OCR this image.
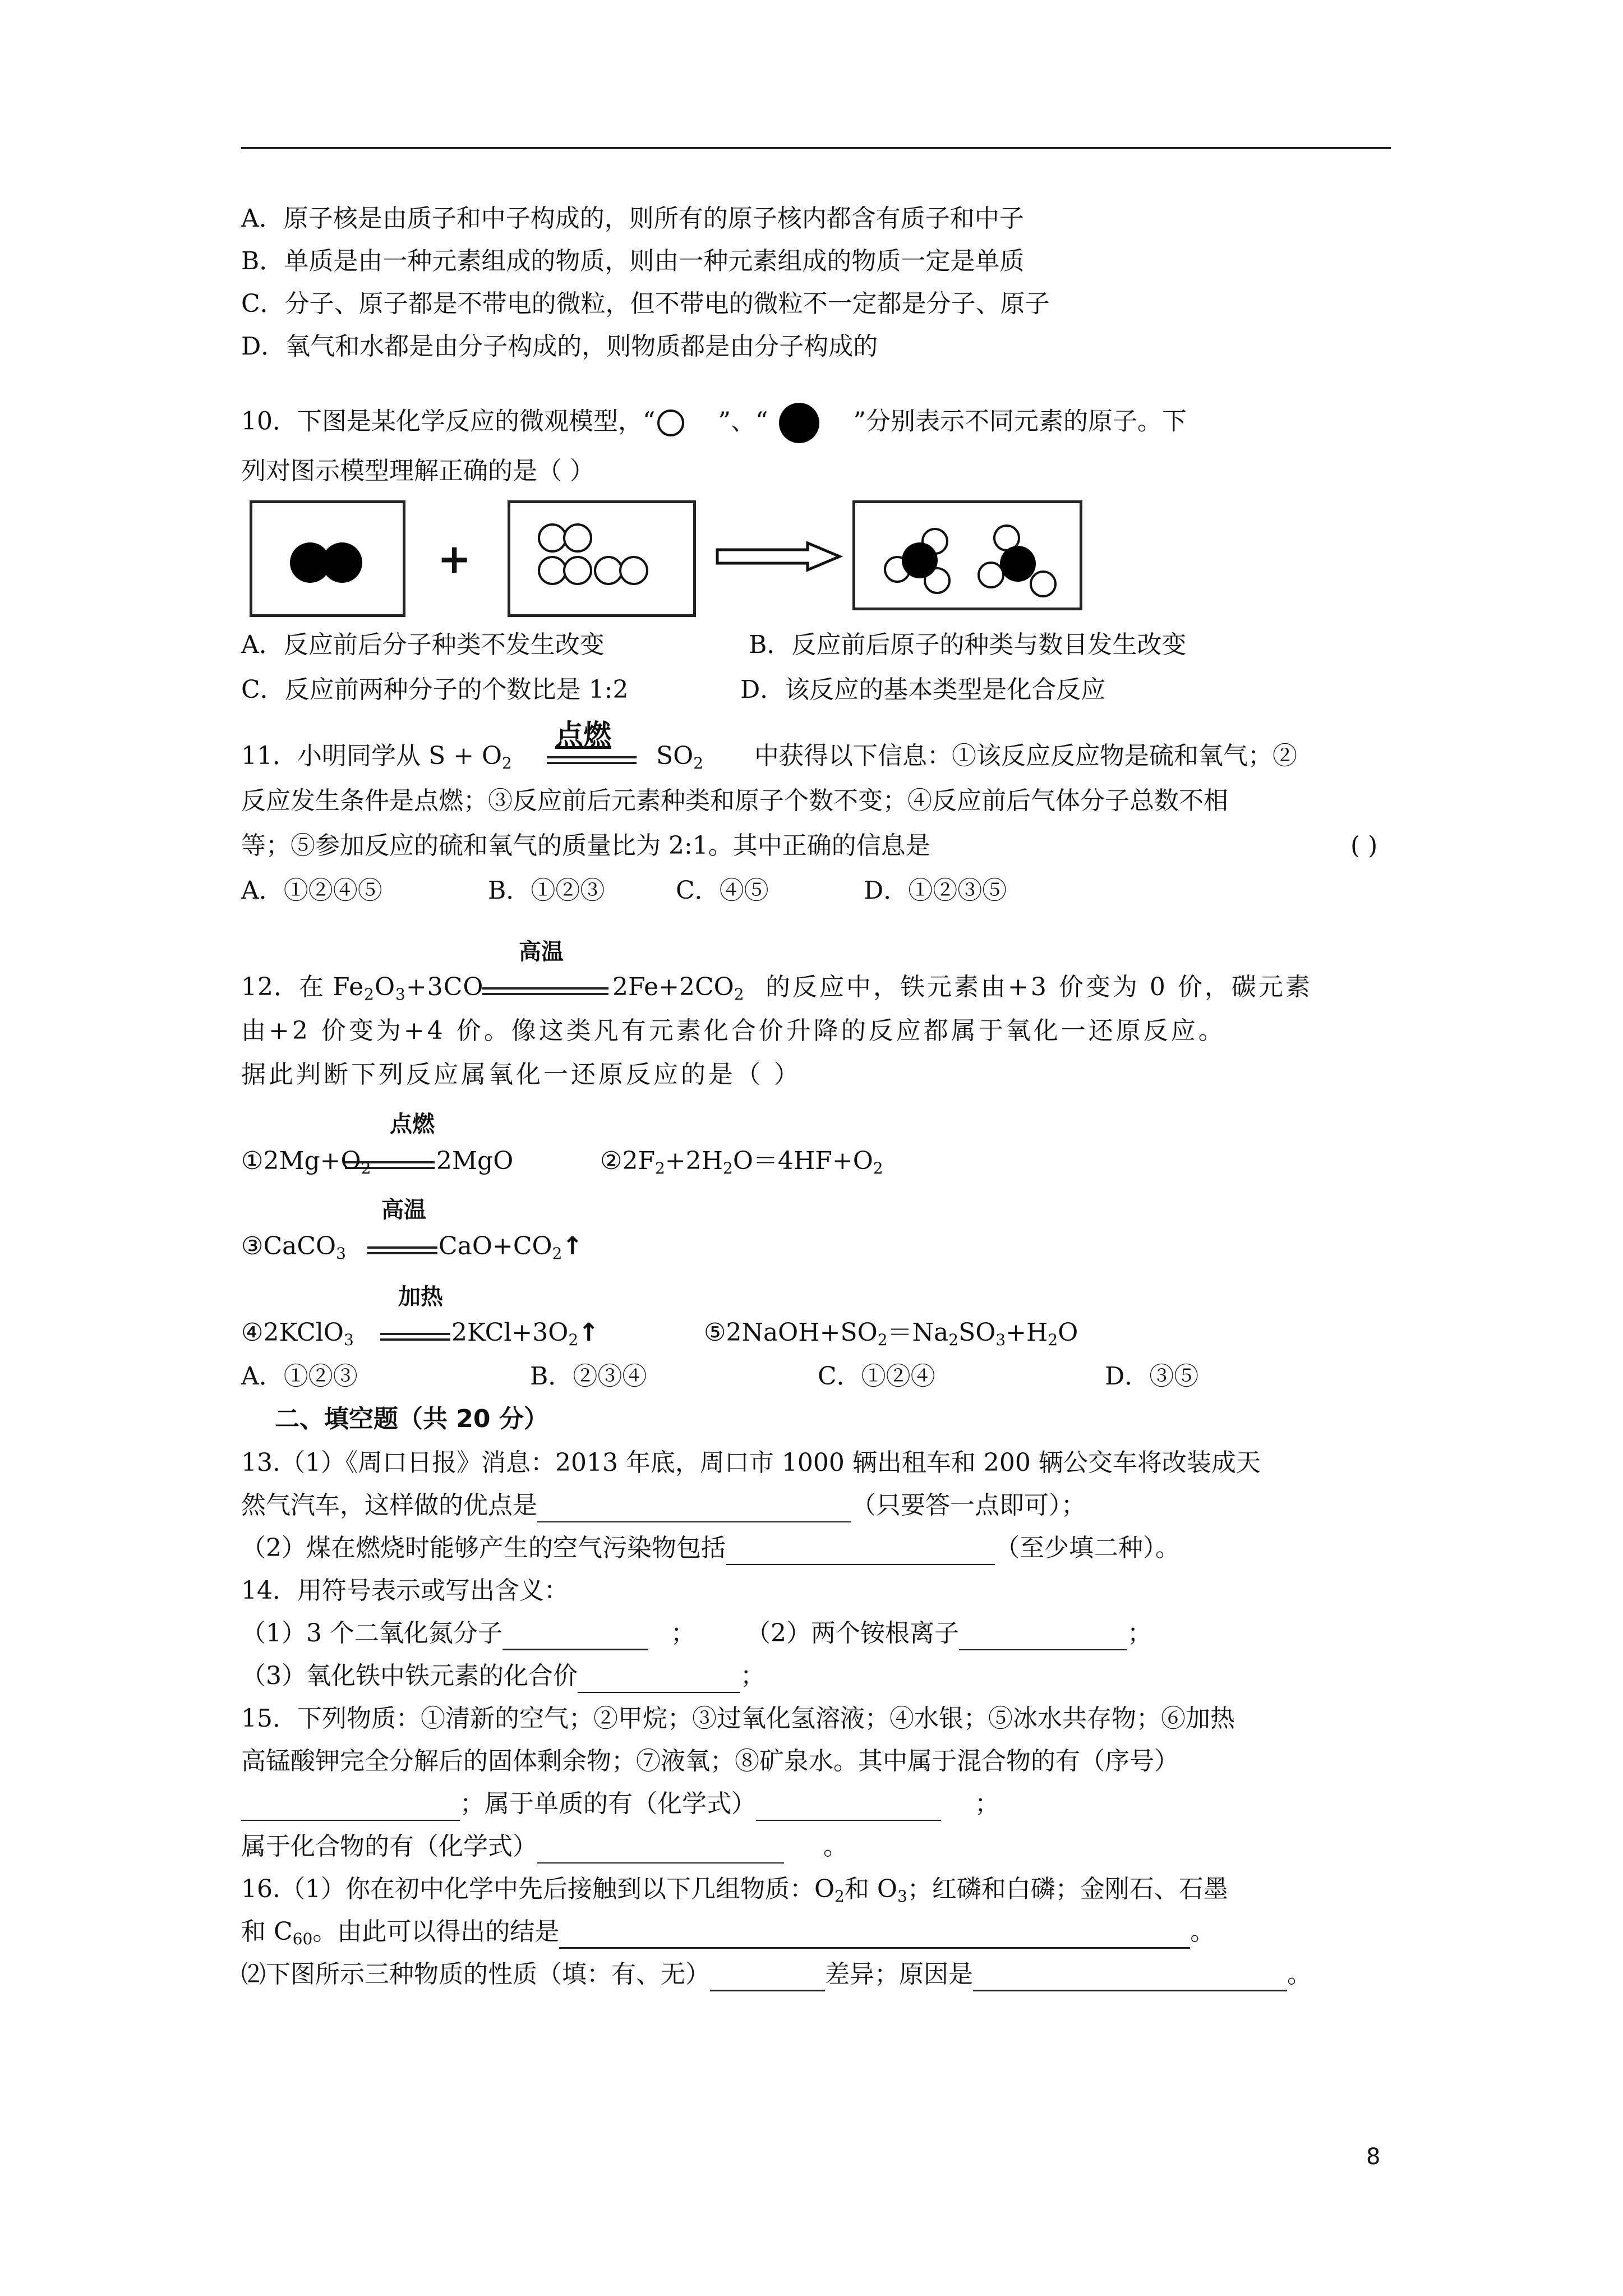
A．原子核是由质子和中子构成的，则所有的原子核内都含有质子和中子
B．单质是由一种元素组成的物质，则由一种元素组成的物质一定是单质
C．分子、原子都是不带电的微粒，但不带电的微粒不一定都是分子、原子
D．氧气和水都是由分子构成的，则物质都是由分子构成的
10．下图是某化学反应的微观模型，“	”、“	”分别表示不同元素的原子。下
列对图示模型理解正确的是（ ）
+
A．反应前后分子种类不发生改变	B．反应前后原子的种类与数目发生改变
C．反应前两种分子的个数比是 1:2	D．该反应的基本类型是化合反应
点燃
11．小明同学从 $S + O_2$	$SO_2$ 中获得以下信息：①该反应反应物是硫和氧气；②
反应发生条件是点燃；③反应前后元素种类和原子个数不变；④反应前后气体分子总数不相
等；⑤参加反应的硫和氧气的质量比为 2:1。其中正确的信息是	( )
A．①②④⑤	B．①②③	C．④⑤	D．①②③⑤
高温
12．在 $Fe_2O_3+3CO$	$2Fe+2CO_2$ 的反应中，铁元素由+3 价变为 0 价，碳元素
由+2 价变为+4 价。像这类凡有元素化合价升降的反应都属于氧化一还原反应。
据此判断下列反应属氧化一还原反应的是（ ）
点燃
$①2Mg+O_2$	2MgO	$②2F_2+2H_2O=4HF+O_2$
高温
③CaCO$_3$	$CaO+CO_2↑$
加热
④2KClO$_3$	$2KCl+3O_2↑$	$⑤2NaOH+SO_2=Na_2SO_3+H_2O$
A．①②③	B．②③④	C．①②④	D．③⑤
二、填空题（共 20 分）
13.（1）《周口日报》消息：2013 年底，周口市 1000 辆出租车和 200 辆公交车将改装成天
然气汽车，这样做的优点是	（只要答一点即可）；
（2）煤在燃烧时能够产生的空气污染物包括	（至少填二种）。
14．用符号表示或写出含义：
（1）3 个二氧化氮分子	； （2）两个铵根离子	；
（3）氧化铁中铁元素的化合价	；
15．下列物质：①清新的空气；②甲烷；③过氧化氢溶液；④水银；⑤冰水共存物；⑥加热
高锰酸钾完全分解后的固体剩余物；⑦液氧；⑧矿泉水。其中属于混合物的有（序号）
；属于单质的有（化学式）	；
属于化合物的有（化学式）	。
16.（1）你在初中化学中先后接触到以下几组物质：$O_2$和 $O_3$；红磷和白磷；金刚石、石墨
和 $C_{60}$。由此可以得出的结是	。
⑵下图所示三种物质的性质（填：有、无）	差异；原因是	。
8
